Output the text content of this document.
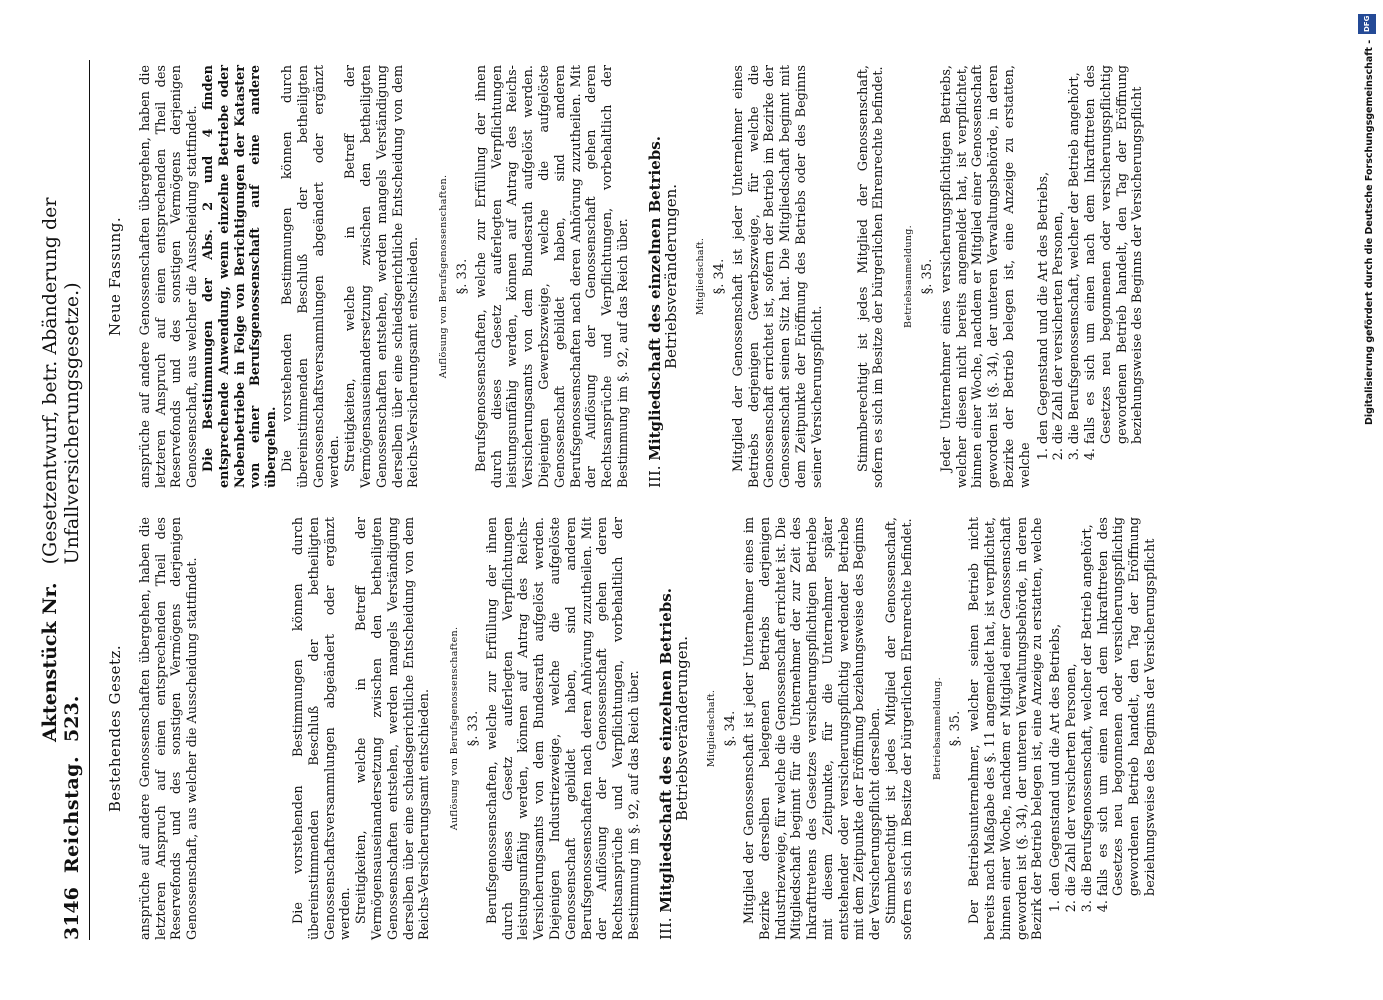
3146
Reichstag.
Aktenstück Nr. 523.
(Gesetzentwurf, betr. Abänderung der Unfallversicherungsgesetze.)
Bestehendes Gesetz. ansprüche auf andere Genossenschaften übergehen, haben die letzteren Anspruch auf einen entsprechenden Theil des Reservefonds und des sonstigen Vermögens derjenigen Genossenschaft, aus welcher die Ausscheidung stattfindet.	Die vorstehenden Bestimmungen können durch übereinstimmenden Beschluß der betheiligten Genossenschaftsversammlungen abgeändert oder ergänzt werden. Streitigkeiten, welche in Betreff der Vermögensauseinandersetzung zwischen den betheiligten Genossenschaften entstehen, werden mangels Verständigung derselben über eine schiedsgerichtliche Entscheidung von dem Reichs-Versicherungsamt entschieden. Auflösung von Berufsgenossenschaften. §. 33. Berufsgenossenschaften, welche zur Erfüllung der ihnen durch dieses Gesetz auferlegten Verpflichtungen leistungsunfähig werden, können auf Antrag des Reichs-Versicherungsamts von dem Bundesrath aufgelöst werden. Diejenigen Industriezweige, welche die aufgelöste Genossenschaft gebildet haben, sind anderen Berufsgenossenschaften nach deren Anhörung zuzutheilen. Mit der Auflösung der Genossenschaft gehen deren Rechtsansprüche und Verpflichtungen, vorbehaltlich der Bestimmung im §. 92, auf das Reich über. III. Mitgliedschaft des einzelnen Betriebs.
Betriebsveränderungen. Mitgliedschaft. §. 34. Mitglied der Genossenschaft ist jeder Unternehmer eines im Bezirke derselben belegenen Betriebs derjenigen Industriezweige, für welche die Genossenschaft errichtet ist. Die Mitgliedschaft beginnt für die Unternehmer der zur Zeit des Inkrafttretens des Gesetzes versicherungspflichtigen Betriebe mit diesem Zeitpunkte, für die Unternehmer später entstehender oder versicherungspflichtig werdender Betriebe mit dem Zeitpunkte der Eröffnung beziehungsweise des Beginns der Versicherungspflicht derselben. Stimmberechtigt ist jedes Mitglied der Genossenschaft, sofern es sich im Besitze der bürgerlichen Ehrenrechte befindet. Betriebsanmeldung. §. 35. Der Betriebsunternehmer, welcher seinen Betrieb nicht bereits nach Maßgabe des §. 11 angemeldet hat, ist verpflichtet, binnen einer Woche, nachdem er Mitglied einer Genossenschaft geworden ist (§. 34), der unteren Verwaltungsbehörde, in deren Bezirk der Betrieb belegen ist, eine Anzeige zu erstatten, welche 1. den Gegenstand und die Art des Betriebs, 2. die Zahl der versicherten Personen, 3. die Berufsgenossenschaft, welcher der Betrieb angehört, 4. falls es sich um einen nach dem Inkrafttreten des Gesetzes neu begonnenen oder versicherungspflichtig gewordenen Betrieb handelt, den Tag der Eröffnung beziehungsweise des Beginns der Versicherungspflicht
Neue Fassung. ansprüche auf andere Genossenschaften übergehen, haben die letzteren Anspruch auf einen entsprechenden Theil des Reservefonds und des sonstigen Vermögens derjenigen Genossenschaft, aus welcher die Ausscheidung stattfindet. Die Bestimmungen der Abs. 2 und 4 finden entsprechende Anwendung, wenn einzelne Betriebe oder Nebenbetriebe in Folge von Berichtigungen der Kataster von einer Berufsgenossenschaft auf eine andere übergehen. Die vorstehenden Bestimmungen können durch übereinstimmenden Beschluß der betheiligten Genossenschaftsversammlungen abgeändert oder ergänzt werden. Streitigkeiten, welche in Betreff der Vermögensauseinandersetzung zwischen den betheiligten Genossenschaften entstehen, werden mangels Verständigung derselben über eine schiedsgerichtliche Entscheidung von dem Reichs-Versicherungsamt entschieden. Auflösung von Berufsgenossenschaften. §. 33. Berufsgenossenschaften, welche zur Erfüllung der ihnen durch dieses Gesetz auferlegten Verpflichtungen leistungsunfähig werden, können auf Antrag des Reichs-Versicherungsamts von dem Bundesrath aufgelöst werden. Diejenigen Gewerbszweige, welche die aufgelöste Genossenschaft gebildet haben, sind anderen Berufsgenossenschaften nach deren Anhörung zuzutheilen. Mit der Auflösung der Genossenschaft gehen deren Rechtsansprüche und Verpflichtungen, vorbehaltlich der Bestimmung im §. 92, auf das Reich über. III. Mitgliedschaft des einzelnen Betriebs.
Betriebsveränderungen. Mitgliedschaft. §. 34. Mitglied der Genossenschaft ist jeder Unternehmer eines Betriebs derjenigen Gewerbszweige, für welche die Genossenschaft errichtet ist, sofern der Betrieb im Bezirke der Genossenschaft seinen Sitz hat. Die Mitgliedschaft beginnt mit dem Zeitpunkte der Eröffnung des Betriebs oder des Beginns seiner Versicherungspflicht. Stimmberechtigt ist jedes Mitglied der Genossenschaft, sofern es sich im Besitze der bürgerlichen Ehrenrechte befindet. Betriebsanmeldung. §. 35. Jeder Unternehmer eines versicherungspflichtigen Betriebs, welcher diesen nicht bereits angemeldet hat, ist verpflichtet, binnen einer Woche, nachdem er Mitglied einer Genossenschaft geworden ist (§. 34), der unteren Verwaltungsbehörde, in deren Bezirke der Betrieb belegen ist, eine Anzeige zu erstatten, welche

1. den Gegenstand und die Art des Betriebs, 2. die Zahl der versicherten Personen, 3. die Berufsgenossenschaft, welcher der Betrieb angehört, 4. falls es sich um einen nach dem Inkrafttreten des Gesetzes neu begonnenen oder versicherungspflichtig gewordenen Betrieb handelt, den Tag der Eröffnung beziehungsweise des Beginns der Versicherungspflicht
DFG
Digitalisierung gefördert durch die Deutsche Forschungsgemeinschaft -
